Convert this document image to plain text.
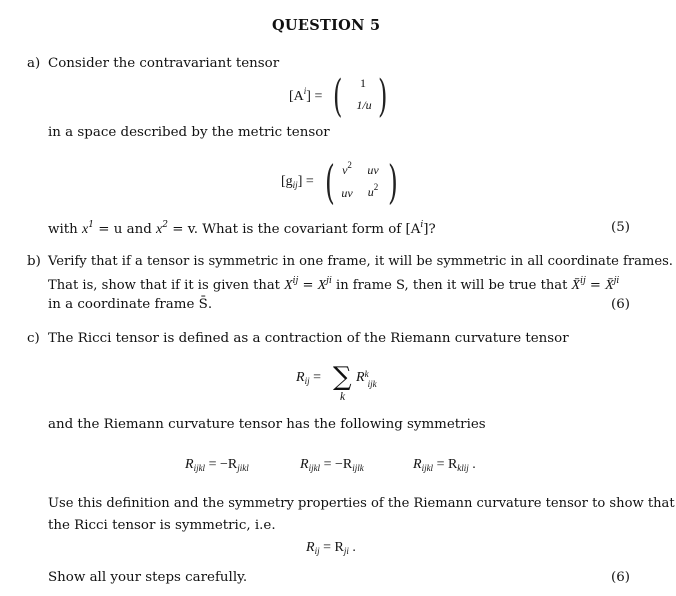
QUESTION 5
a) Consider the contravariant tensor
$[A^i]$ = (	1
1/u )
in a space described by the metric tensor
$[g_{ij}]$ = ( $v^2$	uv
uv	$u^2$ )
with $x^1 = u$ and $x^2 = v$. What is the covariant form of $[A^i]$?	(5)
b) Verify that if a tensor is symmetric in one frame, it will be symmetric in all coordinate frames.
That is, show that if it is given that $X^{ij} = X^{ji}$ in frame S, then it will be true that X̄$^{ij}$ = X̄$^{ji}$
in a coordinate frame S̄.	(6)
c) The Ricci tensor is defined as a contraction of the Riemann curvature tensor
$R_{ij}$ = ∑
k
R k
ijk
and the Riemann curvature tensor has the following symmetries
$R_{ijkl} = -R_{jikl}$	$R_{ijkl} = -R_{ijlk}$	$R_{ijkl} = R_{klij}$ .
Use this definition and the symmetry properties of the Riemann curvature tensor to show that
the Ricci tensor is symmetric, i.e.
$R_{ij} = R_{ji}$ .
Show all your steps carefully.	(6)
